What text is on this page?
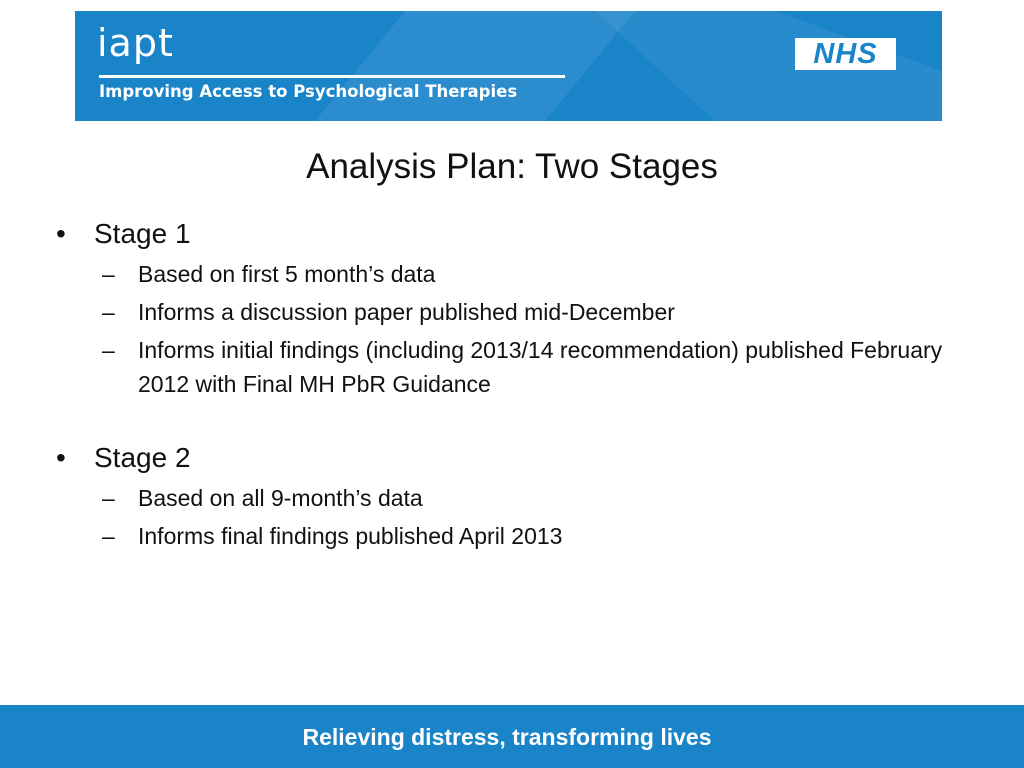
iapt
Improving Access to Psychological Therapies
NHS
Analysis Plan: Two Stages
• Stage 1
– Based on first 5 month’s data
– Informs a discussion paper published mid-December
– Informs initial findings (including 2013/14 recommendation) published February 2012 with Final MH PbR Guidance
• Stage 2
– Based on all 9-month’s data
– Informs final findings published April 2013
Relieving distress, transforming lives
